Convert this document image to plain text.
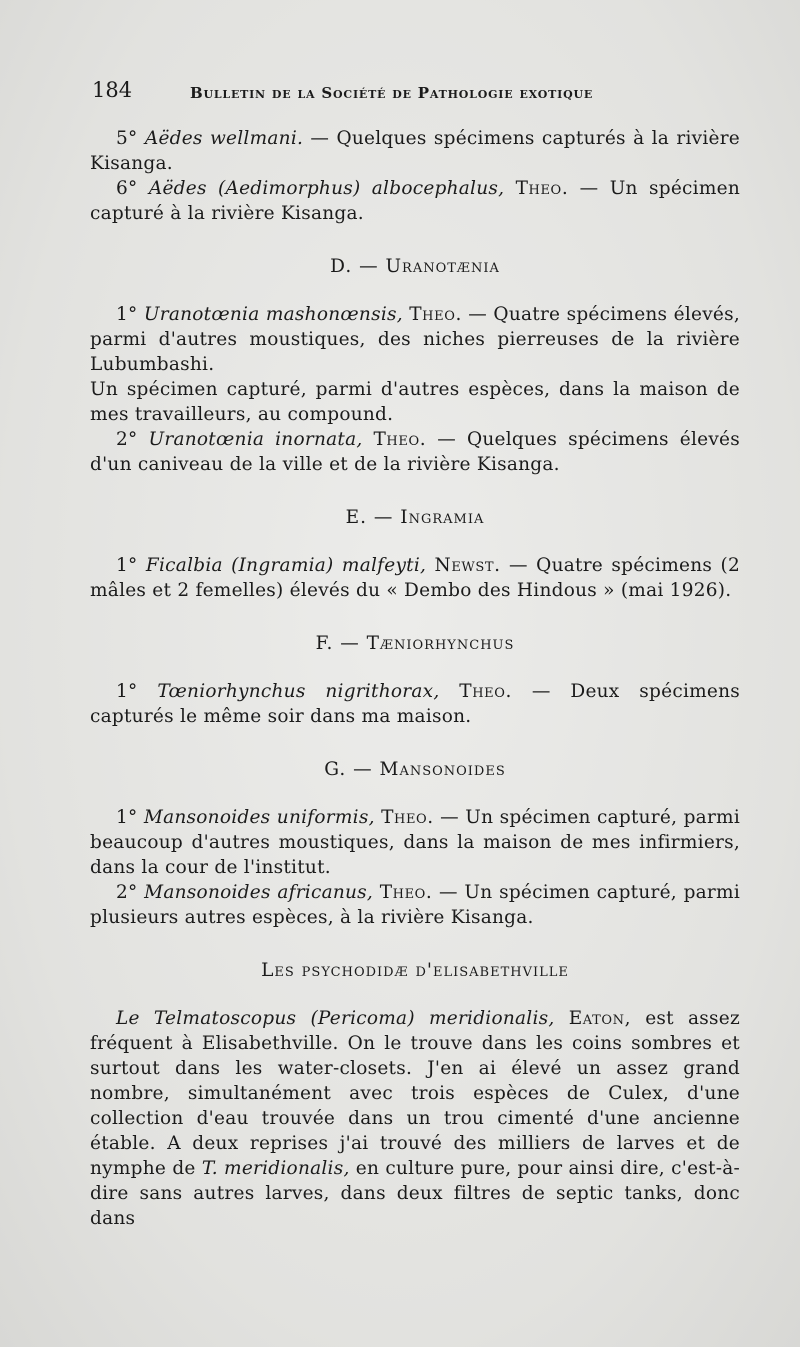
184	Bulletin de la Société de Pathologie exotique

5° Aëdes wellmani. — Quelques spécimens capturés à la rivière Kisanga.

6° Aëdes (Aedimorphus) albocephalus, Theo. — Un spécimen capturé à la rivière Kisanga.

D. — Uranotænia

1° Uranotœnia mashonœnsis, Theo. — Quatre spécimens élevés, parmi d'autres moustiques, des niches pierreuses de la rivière Lubumbashi.

Un spécimen capturé, parmi d'autres espèces, dans la maison de mes travailleurs, au compound.

2° Uranotœnia inornata, Theo. — Quelques spécimens élevés d'un caniveau de la ville et de la rivière Kisanga.

E. — Ingramia

1° Ficalbia (Ingramia) malfeyti, Newst. — Quatre spécimens (2 mâles et 2 femelles) élevés du « Dembo des Hindous » (mai 1926).

F. — Tæniorhynchus

1° Tœniorhynchus nigrithorax, Theo. — Deux spécimens capturés le même soir dans ma maison.

G. — Mansonoides

1° Mansonoides uniformis, Theo. — Un spécimen capturé, parmi beaucoup d'autres moustiques, dans la maison de mes infirmiers, dans la cour de l'institut.

2° Mansonoides africanus, Theo. — Un spécimen capturé, parmi plusieurs autres espèces, à la rivière Kisanga.

Les psychodidæ d'elisabethville

Le Telmatoscopus (Pericoma) meridionalis, Eaton, est assez fréquent à Elisabethville. On le trouve dans les coins sombres et surtout dans les water-closets. J'en ai élevé un assez grand nombre, simultanément avec trois espèces de Culex, d'une collection d'eau trouvée dans un trou cimenté d'une ancienne étable. A deux reprises j'ai trouvé des milliers de larves et de nymphe de T. meridionalis, en culture pure, pour ainsi dire, c'est-à-dire sans autres larves, dans deux filtres de septic tanks, donc dans
